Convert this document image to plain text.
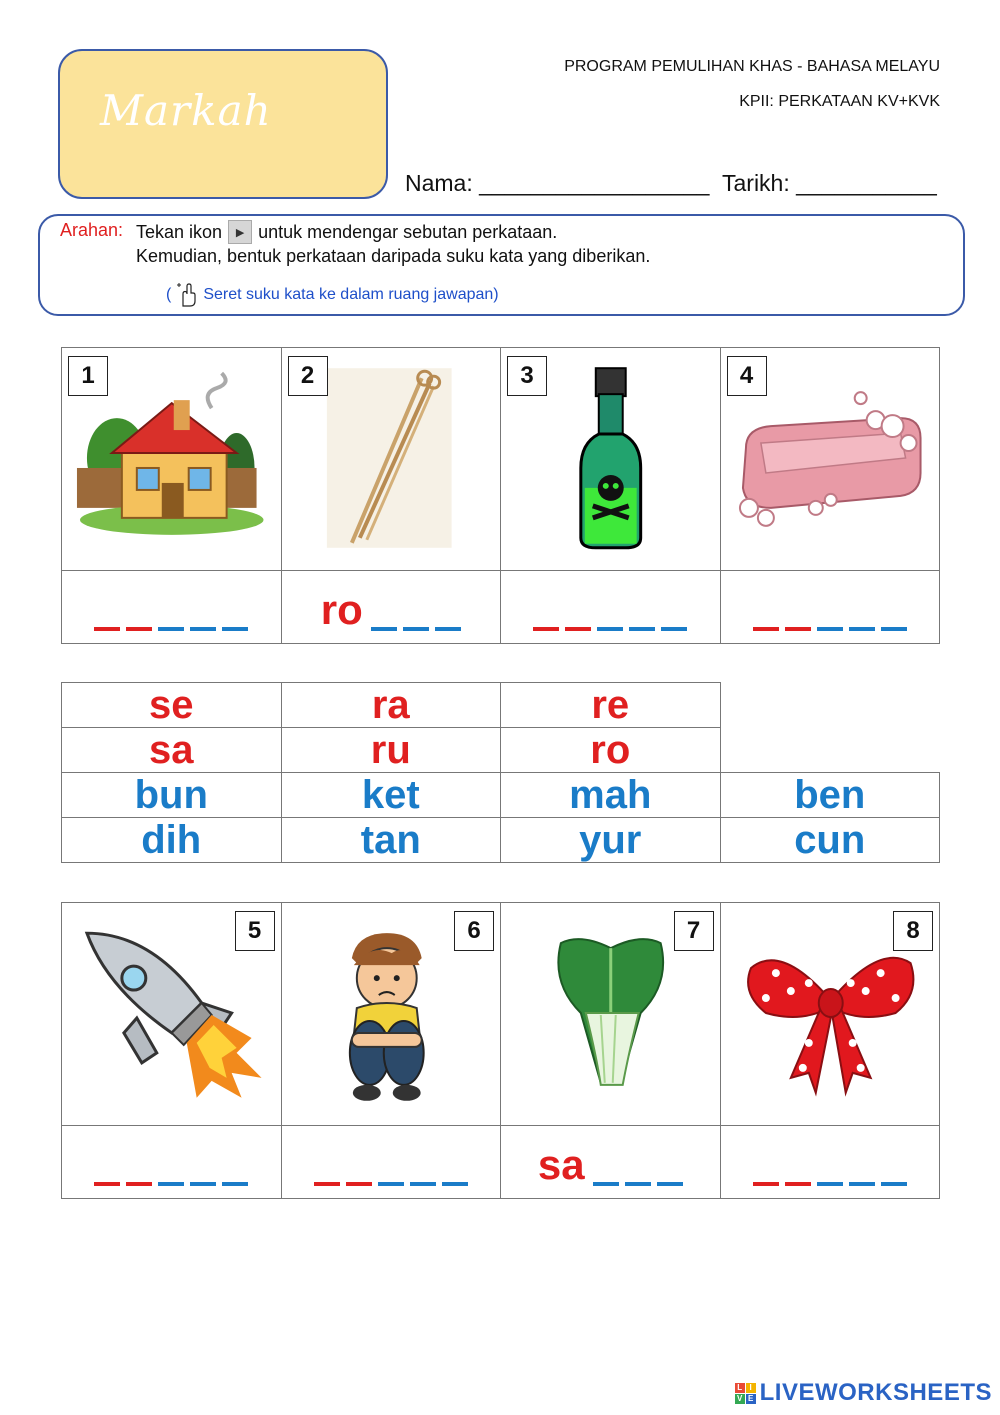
Markah
PROGRAM PEMULIHAN KHAS - BAHASA MELAYU
KPII: PERKATAAN KV+KVK
Nama: __________________ Tarikh: ___________
Arahan: Tekan ikon	▶ untuk mendengar sebutan perkataan.
Kemudian, bentuk perkataan daripada suku kata yang diberikan.
( Seret suku kata ke dalam ruang jawapan)
1	2	3	4

	ro		

se	ra	re	
sa	ru	ro	
bun	ket	mah	ben
dih	tan	yur	cun
5	6	7	8

		sa	

L I
V E LIVEWORKSHEETS
